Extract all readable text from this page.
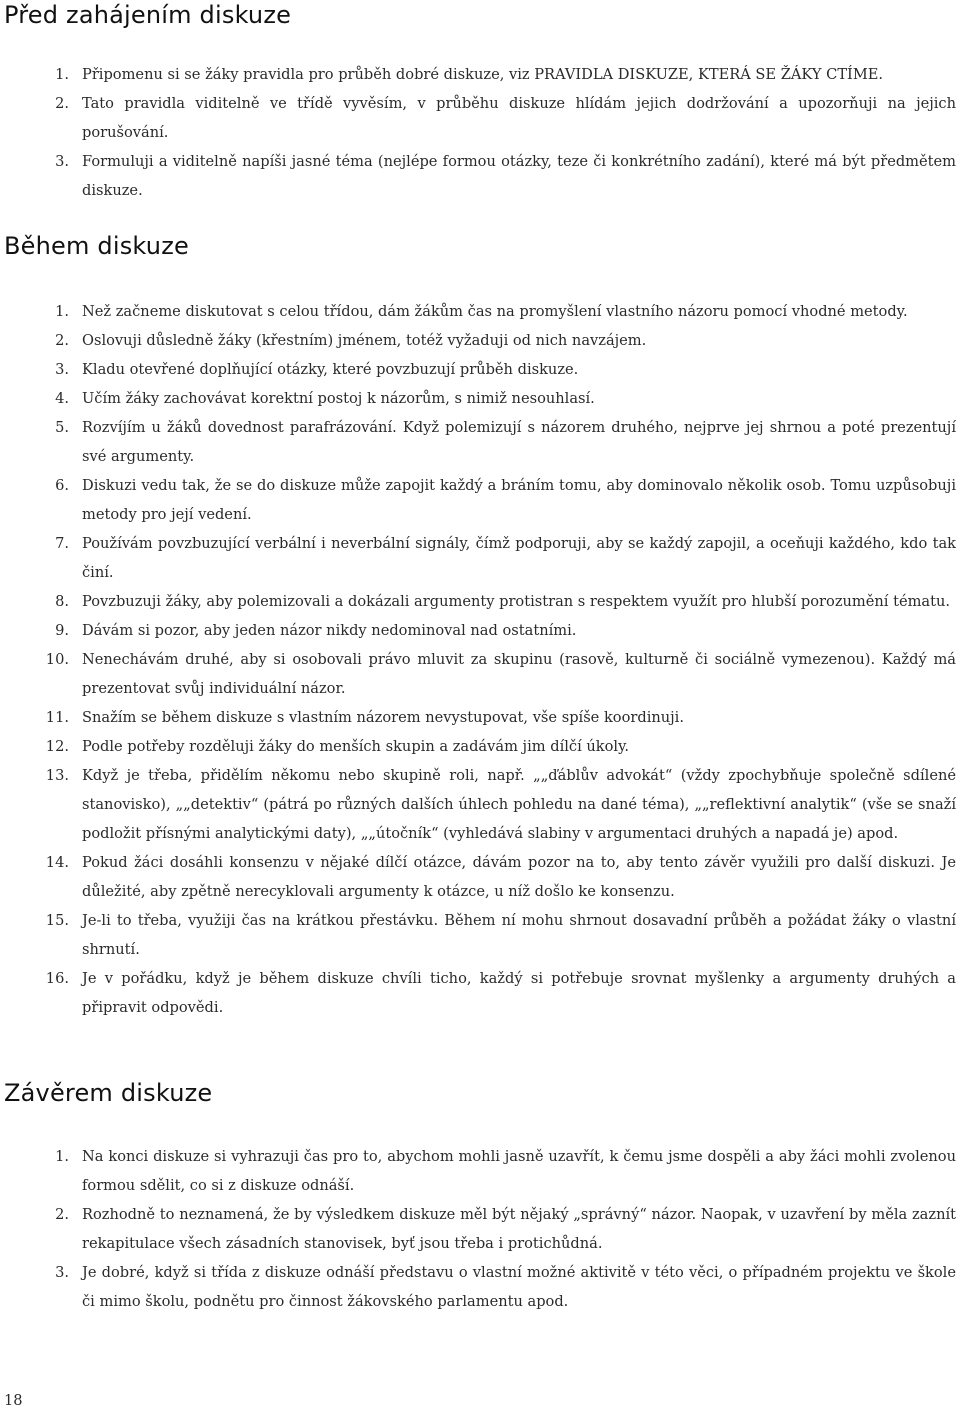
Před zahájením diskuze
1. Připomenu si se žáky pravidla pro průběh dobré diskuze, viz PRAVIDLA DISKUZE, KTERÁ SE ŽÁKY CTÍME.
2. Tato pravidla viditelně ve třídě vyvěsím, v průběhu diskuze hlídám jejich dodržování a upozorňuji na jejich porušování.
3. Formuluji a viditelně napíši jasné téma (nejlépe formou otázky, teze či konkrétního zadání), které má být předmětem diskuze.
Během diskuze
1. Než začneme diskutovat s celou třídou, dám žákům čas na promyšlení vlastního názoru pomocí vhodné metody.
2. Oslovuji důsledně žáky (křestním) jménem, totéž vyžaduji od nich navzájem.
3. Kladu otevřené doplňující otázky, které povzbuzují průběh diskuze.
4. Učím žáky zachovávat korektní postoj k názorům, s nimiž nesouhlasí.
5. Rozvíjím u žáků dovednost parafrázování. Když polemizují s názorem druhého, nejprve jej shrnou a poté prezentují své argumenty.
6. Diskuzi vedu tak, že se do diskuze může zapojit každý a bráním tomu, aby dominovalo několik osob. Tomu uzpůsobuji metody pro její vedení.
7. Používám povzbuzující verbální i neverbální signály, čímž podporuji, aby se každý zapojil, a oceňuji každého, kdo tak činí.
8. Povzbuzuji žáky, aby polemizovali a dokázali argumenty protistran s respektem využít pro hlubší porozumění tématu.
9. Dávám si pozor, aby jeden názor nikdy nedominoval nad ostatními.
10. Nenechávám druhé, aby si osobovali právo mluvit za skupinu (rasově, kulturně či sociálně vymezenou). Každý má prezentovat svůj individuální názor.
11. Snažím se během diskuze s vlastním názorem nevystupovat, vše spíše koordinuji.
12. Podle potřeby rozděluji žáky do menších skupin a zadávám jim dílčí úkoly.
13. Když je třeba, přidělím někomu nebo skupině roli, např. „„ďáblův advokát“ (vždy zpochybňuje společně sdílené stanovisko), „„detektiv“ (pátrá po různých dalších úhlech pohledu na dané téma), „„reflektivní analytik“ (vše se snaží podložit přísnými analytickými daty), „„útočník“ (vyhledává slabiny v argumentaci druhých a napadá je) apod.
14. Pokud žáci dosáhli konsenzu v nějaké dílčí otázce, dávám pozor na to, aby tento závěr využili pro další diskuzi. Je důležité, aby zpětně nerecyklovali argumenty k otázce, u níž došlo ke konsenzu.
15. Je-li to třeba, využiji čas na krátkou přestávku. Během ní mohu shrnout dosavadní průběh a požádat žáky o vlastní shrnutí.
16. Je v pořádku, když je během diskuze chvíli ticho, každý si potřebuje srovnat myšlenky a argumenty druhých a připravit odpovědi.
Závěrem diskuze
1. Na konci diskuze si vyhrazuji čas pro to, abychom mohli jasně uzavřít, k čemu jsme dospěli a aby žáci mohli zvolenou formou sdělit, co si z diskuze odnáší.
2. Rozhodně to neznamená, že by výsledkem diskuze měl být nějaký „správný“ názor. Naopak, v uzavření by měla zaznít rekapitulace všech zásadních stanovisek, byť jsou třeba i protichůdná.
3. Je dobré, když si třída z diskuze odnáší představu o vlastní možné aktivitě v této věci, o případném projektu ve škole či mimo školu, podnětu pro činnost žákovského parlamentu apod.
18
